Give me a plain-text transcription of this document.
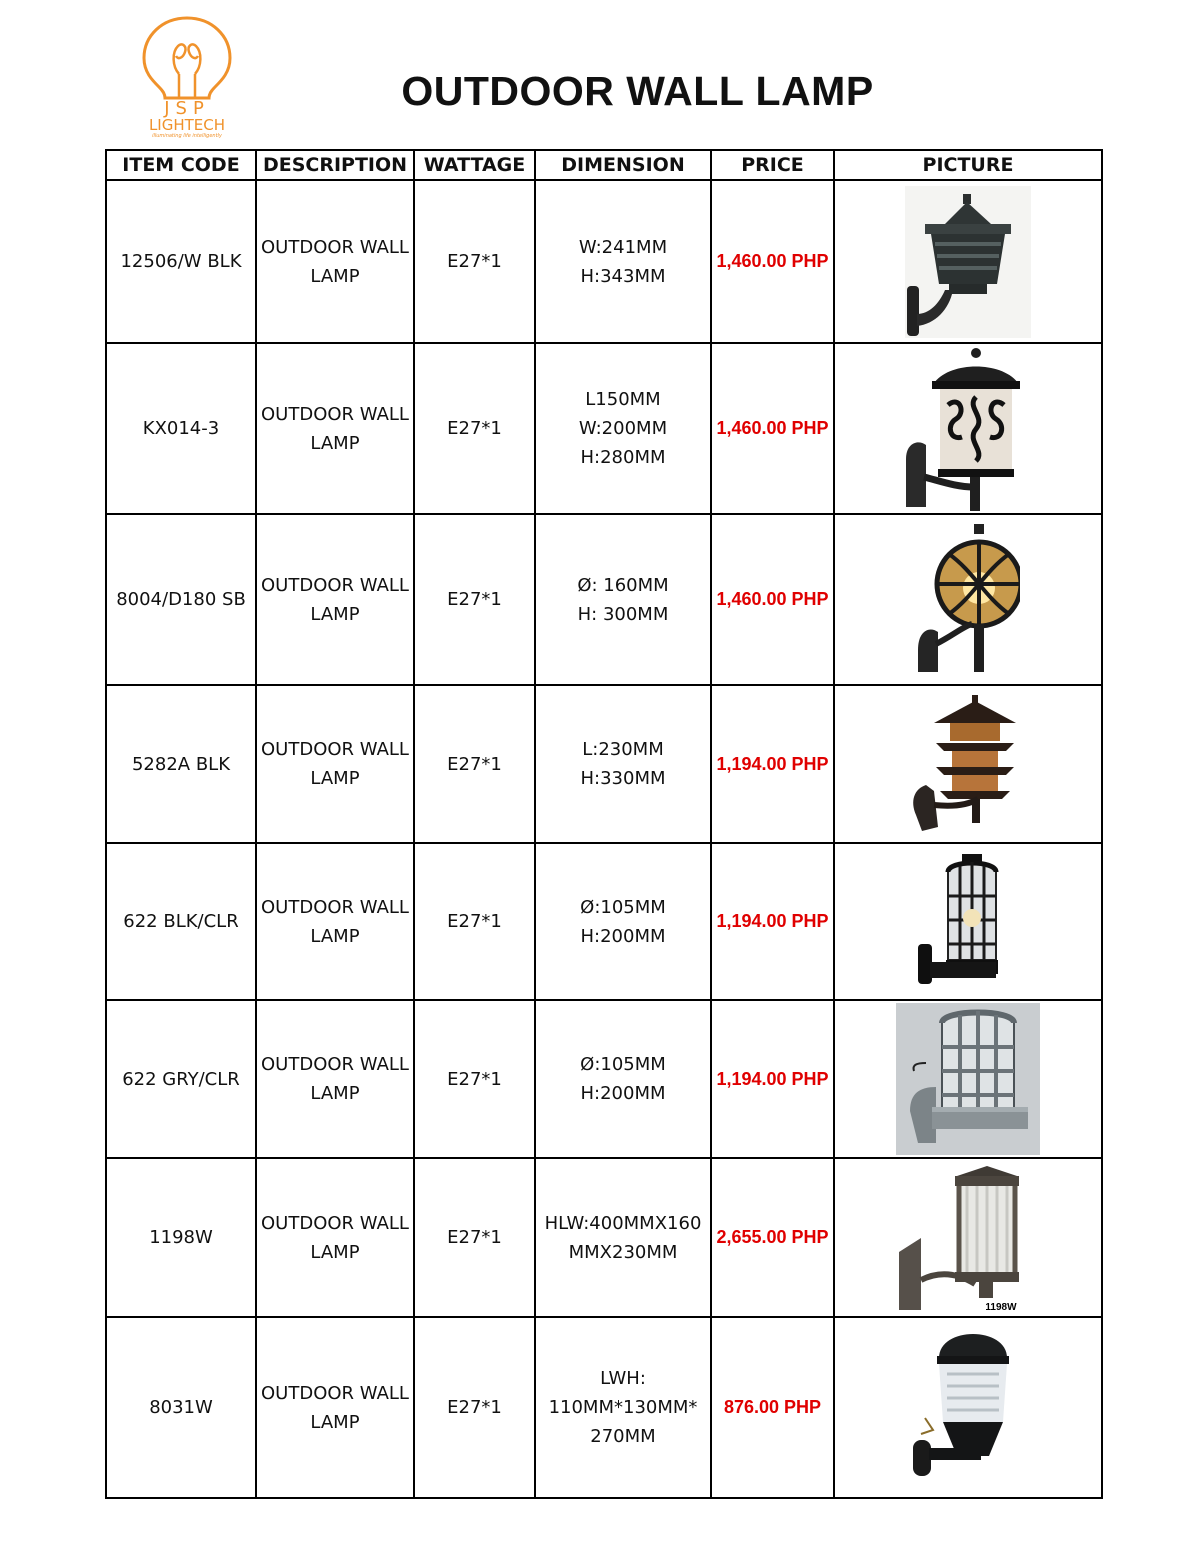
JSP
LIGHTECH
illuminating life intelligently
OUTDOOR WALL LAMP
ITEM CODE	DESCRIPTION	WATTAGE	DIMENSION	PRICE	PICTURE
12506/W BLK	OUTDOOR WALL LAMP	E27*1	W:241MM
H:343MM	1,460.00 PHP	

KX014-3	OUTDOOR WALL LAMP	E27*1	L150MM
W:200MM
H:280MM	1,460.00 PHP	

8004/D180 SB	OUTDOOR WALL LAMP	E27*1	Ø: 160MM
H: 300MM	1,460.00 PHP	

5282A BLK	OUTDOOR WALL LAMP	E27*1	L:230MM
H:330MM	1,194.00 PHP	

622 BLK/CLR	OUTDOOR WALL LAMP	E27*1	Ø:105MM
H:200MM	1,194.00 PHP	

622 GRY/CLR	OUTDOOR WALL LAMP	E27*1	Ø:105MM
H:200MM	1,194.00 PHP	

1198W	OUTDOOR WALL LAMP	E27*1	HLW:400MMX160
MMX230MM	2,655.00 PHP	1198W

8031W	OUTDOOR WALL LAMP	E27*1	LWH:
110MM*130MM*
270MM	876.00 PHP	
